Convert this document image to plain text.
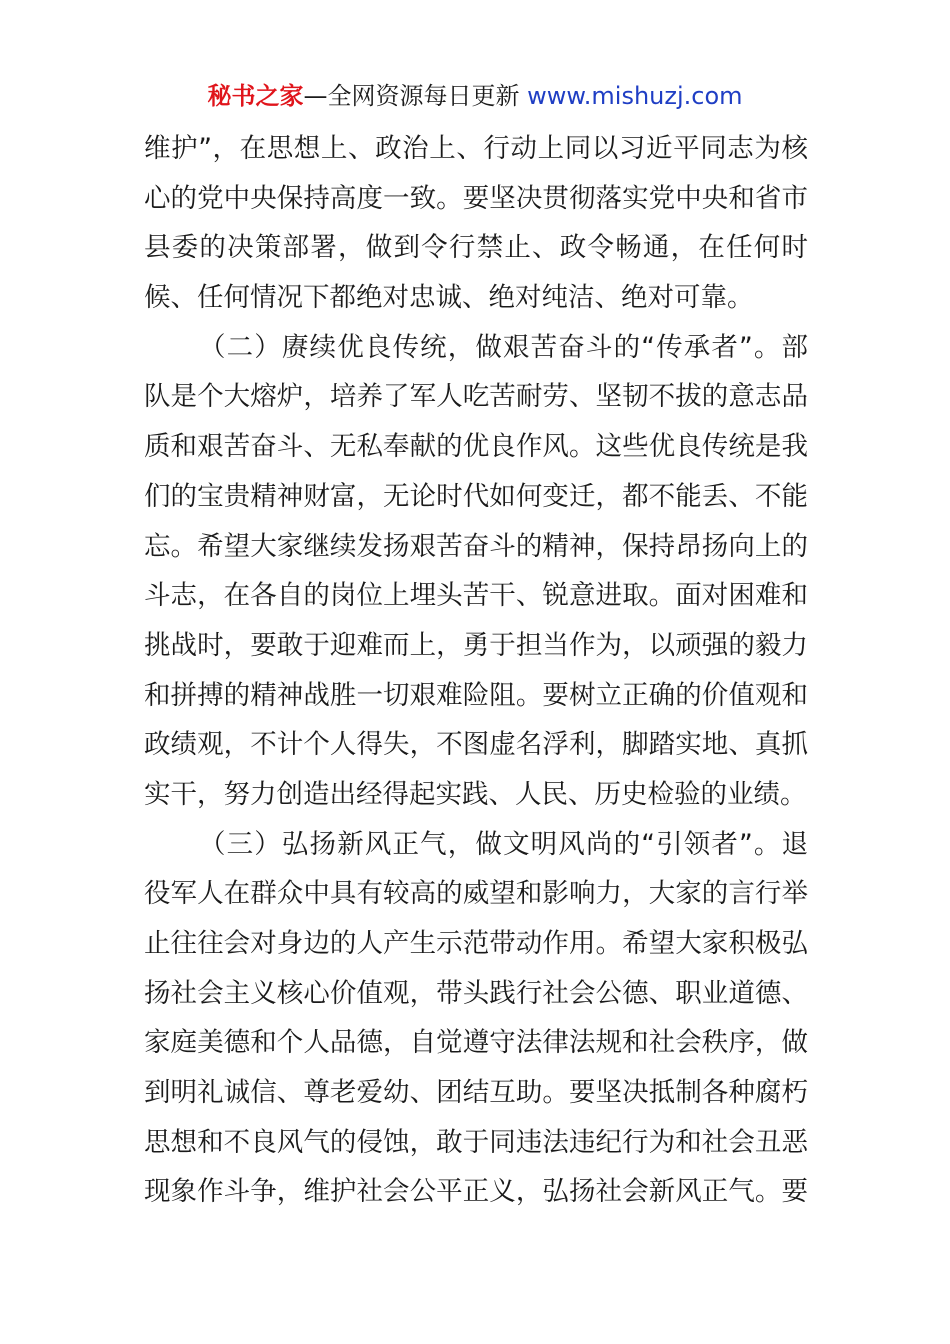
秘书之家—全网资源每日更新 www.mishuzj.com
维护”，在思想上、政治上、行动上同以习近平同志为核
心的党中央保持高度一致。要坚决贯彻落实党中央和省市
县委的决策部署，做到令行禁止、政令畅通，在任何时
候、任何情况下都绝对忠诚、绝对纯洁、绝对可靠。
（二）赓续优良传统，做艰苦奋斗的“传承者”。部
队是个大熔炉，培养了军人吃苦耐劳、坚韧不拔的意志品
质和艰苦奋斗、无私奉献的优良作风。这些优良传统是我
们的宝贵精神财富，无论时代如何变迁，都不能丢、不能
忘。希望大家继续发扬艰苦奋斗的精神，保持昂扬向上的
斗志，在各自的岗位上埋头苦干、锐意进取。面对困难和
挑战时，要敢于迎难而上，勇于担当作为，以顽强的毅力
和拼搏的精神战胜一切艰难险阻。要树立正确的价值观和
政绩观，不计个人得失，不图虚名浮利，脚踏实地、真抓
实干，努力创造出经得起实践、人民、历史检验的业绩。
（三）弘扬新风正气，做文明风尚的“引领者”。退
役军人在群众中具有较高的威望和影响力，大家的言行举
止往往会对身边的人产生示范带动作用。希望大家积极弘
扬社会主义核心价值观，带头践行社会公德、职业道德、
家庭美德和个人品德，自觉遵守法律法规和社会秩序，做
到明礼诚信、尊老爱幼、团结互助。要坚决抵制各种腐朽
思想和不良风气的侵蚀，敢于同违法违纪行为和社会丑恶
现象作斗争，维护社会公平正义，弘扬社会新风正气。要
